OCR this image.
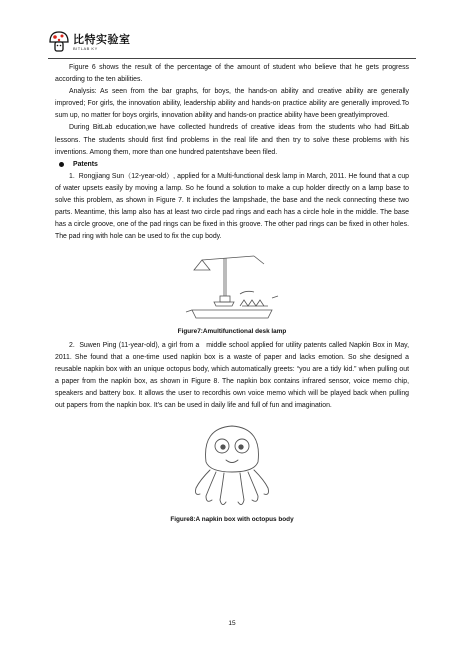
比特实验室
BITLAB KY

Figure 6 shows the result of the percentage of the amount of student who believe that he gets progress according to the ten abilities.

Analysis: As seen from the bar graphs, for boys, the hands-on ability and creative ability are generally improved; For girls, the innovation ability, leadership ability and hands-on practice ability are generally improved.To sum up, no matter for boys orgirls, innovation ability and hands-on practice ability have been greatlyimproved.

During BitLab education,we have collected hundreds of creative ideas from the students who had BitLab lessons. The students should first find problems in the real life and then try to solve these problems with his inventions. Among them, more than one hundred patentshave been filed.

Patents

1.  Rongjiang Sun（12-year-old）, applied for a Multi-functional desk lamp in March, 2011. He found that a cup of water upsets easily by moving a lamp. So he found a solution to make a cup holder directly on a lamp base to solve this problem, as shown in Figure 7. It includes the lampshade, the base and the neck connecting these two parts. Meantime, this lamp also has at least two circle pad rings and each has a circle hole in the middle. The base has a circle groove, one of the pad rings can be fixed in this groove. The other pad rings can be fixed in other holes. The pad ring with hole can be used to fix the cup body.

Figure7:Amultifunctional desk lamp

2.  Suwen Ping (11-year-old), a girl from a   middle school applied for utility patents called Napkin Box in May, 2011. She found that a one-time used napkin box is a waste of paper and lacks emotion. So she designed a reusable napkin box with an unique octopus body, which automatically greets: “you are a tidy kid.” when pulling out a paper from the napkin box, as shown in Figure 8. The napkin box contains infrared sensor, voice memo chip, speakers and battery box. It allows the user to recordhis own voice memo which will be played back when pulling out papers from the napkin box. It’s can be used in daily life and full of fun and imagination.

Figure8:A napkin box with octopus body
15
